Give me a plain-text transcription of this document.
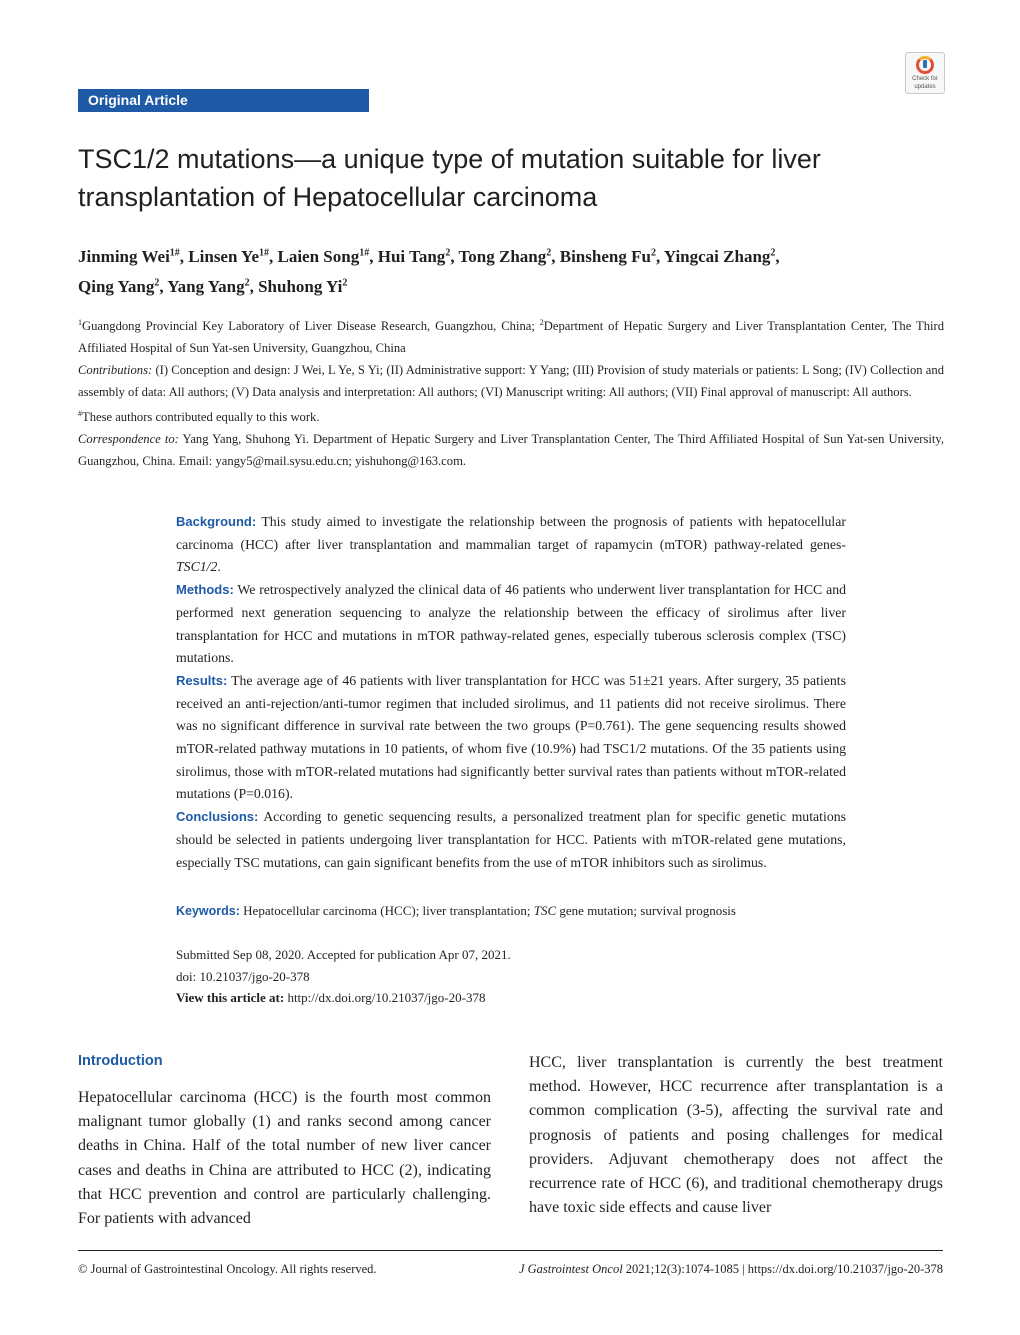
Original Article
Check for
updates
TSC1/2 mutations—a unique type of mutation suitable for liver transplantation of Hepatocellular carcinoma
Jinming Wei$^{1\#}$, Linsen $Ye^{1\#}$, Laien Song$^{1\#}$, Hui Tang$^2$, Tong Zhang$^2$, Binsheng Fu$^2$, Yingcai Zhang$^2$,
Qing Yang$^2$, Yang Yang$^2$, Shuhong Yi$^2$

$^1$Guangdong Provincial Key Laboratory of Liver Disease Research, Guangzhou, China; $^2$Department of Hepatic Surgery and Liver Transplantation Center, The Third Affiliated Hospital of Sun Yat-sen University, Guangzhou, China

Contributions: (I) Conception and design: J Wei, L Ye, S Yi; (II) Administrative support: Y Yang; (III) Provision of study materials or patients: L Song; (IV) Collection and assembly of data: All authors; (V) Data analysis and interpretation: All authors; (VI) Manuscript writing: All authors; (VII) Final approval of manuscript: All authors.

#These authors contributed equally to this work.

Correspondence to: Yang Yang, Shuhong Yi. Department of Hepatic Surgery and Liver Transplantation Center, The Third Affiliated Hospital of Sun Yat-sen University, Guangzhou, China. Email: yangy5@mail.sysu.edu.cn; yishuhong@163.com.

Background: This study aimed to investigate the relationship between the prognosis of patients with hepatocellular carcinoma (HCC) after liver transplantation and mammalian target of rapamycin (mTOR) pathway-related genes-TSC1/2.

Methods: We retrospectively analyzed the clinical data of 46 patients who underwent liver transplantation for HCC and performed next generation sequencing to analyze the relationship between the efficacy of sirolimus after liver transplantation for HCC and mutations in mTOR pathway-related genes, especially tuberous sclerosis complex (TSC) mutations.

Results: The average age of 46 patients with liver transplantation for HCC was 51±21 years. After surgery, 35 patients received an anti-rejection/anti-tumor regimen that included sirolimus, and 11 patients did not receive sirolimus. There was no significant difference in survival rate between the two groups (P=0.761). The gene sequencing results showed mTOR-related pathway mutations in 10 patients, of whom five (10.9%) had TSC1/2 mutations. Of the 35 patients using sirolimus, those with mTOR-related mutations had significantly better survival rates than patients without mTOR-related mutations (P=0.016).

Conclusions: According to genetic sequencing results, a personalized treatment plan for specific genetic mutations should be selected in patients undergoing liver transplantation for HCC. Patients with mTOR-related gene mutations, especially TSC mutations, can gain significant benefits from the use of mTOR inhibitors such as sirolimus.

Keywords: Hepatocellular carcinoma (HCC); liver transplantation; TSC gene mutation; survival prognosis

Submitted Sep 08, 2020. Accepted for publication Apr 07, 2021.

doi: 10.21037/jgo-20-378

View this article at: http://dx.doi.org/10.21037/jgo-20-378

Introduction

Hepatocellular carcinoma (HCC) is the fourth most common malignant tumor globally (1) and ranks second among cancer deaths in China. Half of the total number of new liver cancer cases and deaths in China are attributed to HCC (2), indicating that HCC prevention and control are particularly challenging. For patients with advanced

HCC, liver transplantation is currently the best treatment method. However, HCC recurrence after transplantation is a common complication (3-5), affecting the survival rate and prognosis of patients and posing challenges for medical providers. Adjuvant chemotherapy does not affect the recurrence rate of HCC (6), and traditional chemotherapy drugs have toxic side effects and cause liver

© Journal of Gastrointestinal Oncology. All rights reserved.	J Gastrointest Oncol 2021;12(3):1074-1085 | https://dx.doi.org/10.21037/jgo-20-378
